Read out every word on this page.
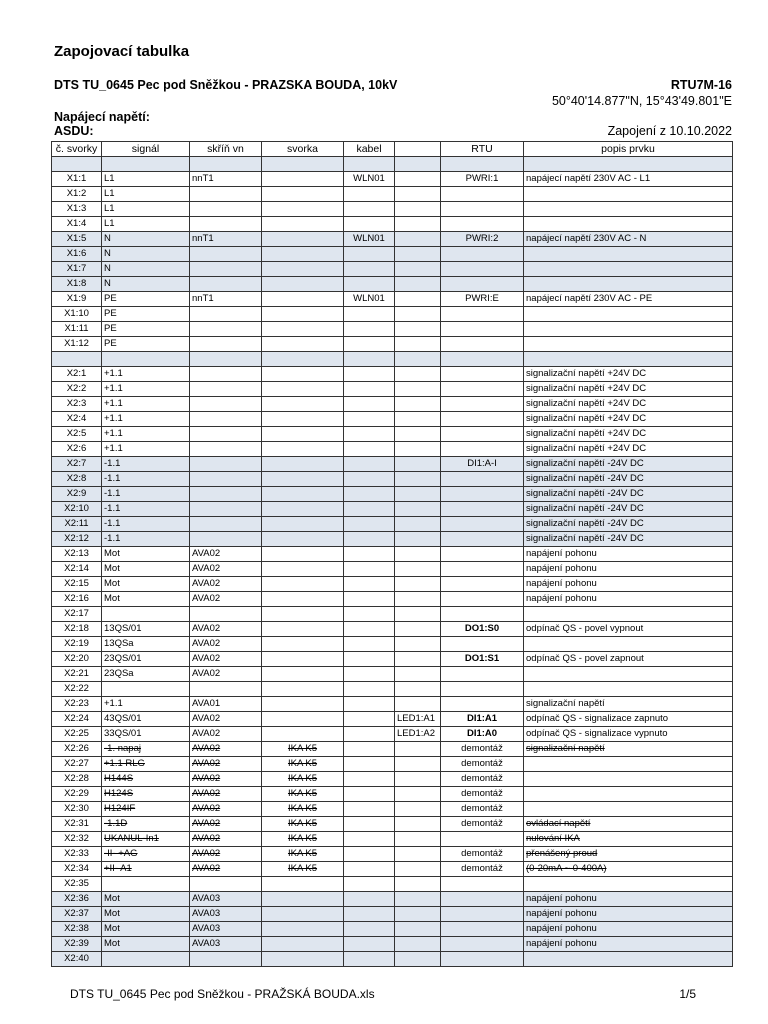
Zapojovací tabulka
DTS TU_0645 Pec pod Sněžkou - PRAZSKA BOUDA, 10kV	RTU7M-16
50°40'14.877"N, 15°43'49.801"E
Napájecí napětí:
ASDU:	Zapojení z 10.10.2022
č. svorky	signál	skříň vn	svorka	kabel		RTU	popis prvku

X1:1	L1	nnT1		WLN01		PWRI:1	napájecí napětí 230V AC - L1
X1:2	L1						
X1:3	L1						
X1:4	L1						
X1:5	N	nnT1		WLN01		PWRI:2	napájecí napětí 230V AC - N
X1:6	N						
X1:7	N						
X1:8	N						
X1:9	PE	nnT1		WLN01		PWRI:E	napájecí napětí 230V AC - PE
X1:10	PE						
X1:11	PE						
X1:12	PE						

X2:1	+1.1						signalizační napětí +24V DC
X2:2	+1.1						signalizační napětí +24V DC
X2:3	+1.1						signalizační napětí +24V DC
X2:4	+1.1						signalizační napětí +24V DC
X2:5	+1.1						signalizační napětí +24V DC
X2:6	+1.1						signalizační napětí +24V DC
X2:7	-1.1					DI1:A-I	signalizační napětí -24V DC
X2:8	-1.1						signalizační napětí -24V DC
X2:9	-1.1						signalizační napětí -24V DC
X2:10	-1.1						signalizační napětí -24V DC
X2:11	-1.1						signalizační napětí -24V DC
X2:12	-1.1						signalizační napětí -24V DC
X2:13	Mot	AVA02					napájení pohonu
X2:14	Mot	AVA02					napájení pohonu
X2:15	Mot	AVA02					napájení pohonu
X2:16	Mot	AVA02					napájení pohonu
X2:17							
X2:18	13QS/01	AVA02				DO1:S0	odpínač QS - povel vypnout
X2:19	13QSa	AVA02					
X2:20	23QS/01	AVA02				DO1:S1	odpínač QS - povel zapnout
X2:21	23QSa	AVA02					
X2:22							
X2:23	+1.1	AVA01					signalizační napětí
X2:24	43QS/01	AVA02			LED1:A1	DI1:A1	odpínač QS - signalizace zapnuto
X2:25	33QS/01	AVA02			LED1:A2	DI1:A0	odpínač QS - signalizace vypnuto
X2:26	-1. napaj	AVA02	IKA K5			demontáž	signalizační napětí
X2:27	+1.1 RLG	AVA02	IKA K5			demontáž	
X2:28	H144S	AVA02	IKA K5			demontáž	
X2:29	H124S	AVA02	IKA K5			demontáž	
X2:30	H124IF	AVA02	IKA K5			demontáž	
X2:31	-1.1D	AVA02	IKA K5			demontáž	ovládací napětí
X2:32	UKANUL-In1	AVA02	IKA K5				nulování IKA
X2:33	-II- +AG	AVA02	IKA K5			demontáž	přenášený proud
X2:34	+II- A1	AVA02	IKA K5			demontáž	(0-20mA ~ 0-400A)
X2:35							
X2:36	Mot	AVA03					napájení pohonu
X2:37	Mot	AVA03					napájení pohonu
X2:38	Mot	AVA03					napájení pohonu
X2:39	Mot	AVA03					napájení pohonu
X2:40							
DTS TU_0645 Pec pod Sněžkou - PRAŽSKÁ BOUDA.xls	1/5
